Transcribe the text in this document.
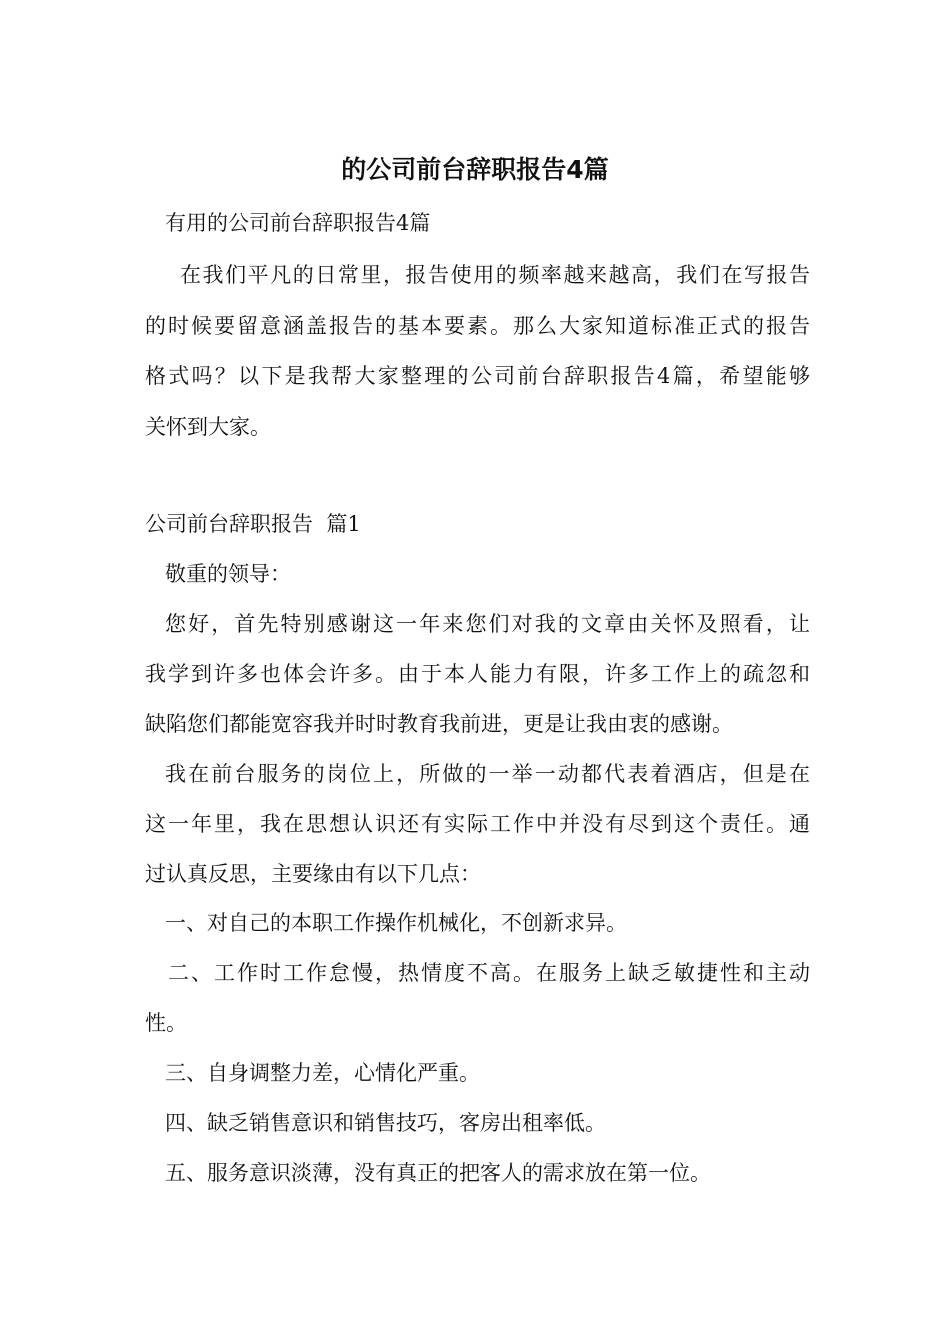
的公司前台辞职报告4篇

有用的公司前台辞职报告4篇

在我们平凡的日常里，报告使用的频率越来越高，我们在写报告

的时候要留意涵盖报告的基本要素。那么大家知道标准正式的报告

格式吗？以下是我帮大家整理的公司前台辞职报告4篇，希望能够

关怀到大家。

公司前台辞职报告  篇1

敬重的领导：

您好，首先特别感谢这一年来您们对我的文章由关怀及照看，让

我学到许多也体会许多。由于本人能力有限，许多工作上的疏忽和

缺陷您们都能宽容我并时时教育我前进，更是让我由衷的感谢。

我在前台服务的岗位上，所做的一举一动都代表着酒店，但是在

这一年里，我在思想认识还有实际工作中并没有尽到这个责任。通

过认真反思，主要缘由有以下几点：

一、对自己的本职工作操作机械化，不创新求异。

二、工作时工作怠慢，热情度不高。在服务上缺乏敏捷性和主动

性。

三、自身调整力差，心情化严重。

四、缺乏销售意识和销售技巧，客房出租率低。

五、服务意识淡薄，没有真正的把客人的需求放在第一位。
